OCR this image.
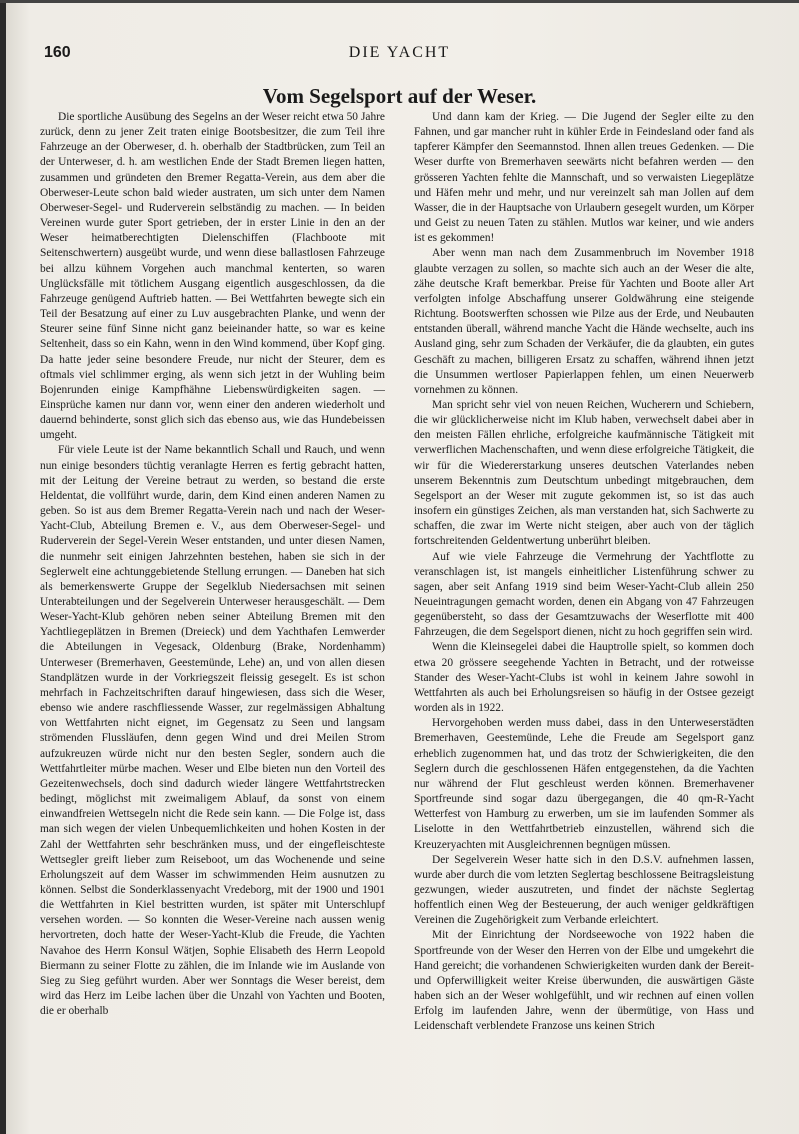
160	DIE YACHT
Vom Segelsport auf der Weser.

Die sportliche Ausübung des Segelns an der Weser reicht etwa 50 Jahre zurück, denn zu jener Zeit traten einige Bootsbesitzer, die zum Teil ihre Fahrzeuge an der Oberweser, d. h. oberhalb der Stadtbrücken, zum Teil an der Unterweser, d. h. am westlichen Ende der Stadt Bremen liegen hatten, zusammen und gründeten den Bremer Regatta-Verein, aus dem aber die Oberweser-Leute schon bald wieder austraten, um sich unter dem Namen Oberweser-Segel- und Ruderverein selbständig zu machen. — In beiden Vereinen wurde guter Sport getrieben, der in erster Linie in den an der Weser heimatberechtigten Dielenschiffen (Flachboote mit Seitenschwertern) ausgeübt wurde, und wenn diese ballastlosen Fahrzeuge bei allzu kühnem Vorgehen auch manchmal kenterten, so waren Unglücksfälle mit tötlichem Ausgang eigentlich ausgeschlossen, da die Fahrzeuge genügend Auftrieb hatten. — Bei Wettfahrten bewegte sich ein Teil der Besatzung auf einer zu Luv ausgebrachten Planke, und wenn der Steurer seine fünf Sinne nicht ganz beieinander hatte, so war es keine Seltenheit, dass so ein Kahn, wenn in den Wind kommend, über Kopf ging. Da hatte jeder seine besondere Freude, nur nicht der Steurer, dem es oftmals viel schlimmer erging, als wenn sich jetzt in der Wuhling beim Bojenrunden einige Kampfhähne Liebenswürdigkeiten sagen. — Einsprüche kamen nur dann vor, wenn einer den anderen wiederholt und dauernd behinderte, sonst glich sich das ebenso aus, wie das Hundebeissen umgeht.

Für viele Leute ist der Name bekanntlich Schall und Rauch, und wenn nun einige besonders tüchtig veranlagte Herren es fertig gebracht hatten, mit der Leitung der Vereine betraut zu werden, so bestand die erste Heldentat, die vollführt wurde, darin, dem Kind einen anderen Namen zu geben. So ist aus dem Bremer Regatta-Verein nach und nach der Weser-Yacht-Club, Abteilung Bremen e. V., aus dem Oberweser-Segel- und Ruderverein der Segel-Verein Weser entstanden, und unter diesen Namen, die nunmehr seit einigen Jahrzehnten bestehen, haben sie sich in der Seglerwelt eine achtunggebietende Stellung errungen. — Daneben hat sich als bemerkenswerte Gruppe der Segelklub Niedersachsen mit seinen Unterabteilungen und der Segelverein Unterweser herausgeschält. — Dem Weser-Yacht-Klub gehören neben seiner Abteilung Bremen mit den Yachtliegeplätzen in Bremen (Dreieck) und dem Yachthafen Lemwerder die Abteilungen in Vegesack, Oldenburg (Brake, Nordenhamm) Unterweser (Bremerhaven, Geestemünde, Lehe) an, und von allen diesen Standplätzen wurde in der Vorkriegszeit fleissig gesegelt. Es ist schon mehrfach in Fachzeitschriften darauf hingewiesen, dass sich die Weser, ebenso wie andere raschfliessende Wasser, zur regelmässigen Abhaltung von Wettfahrten nicht eignet, im Gegensatz zu Seen und langsam strömenden Flussläufen, denn gegen Wind und drei Meilen Strom aufzukreuzen würde nicht nur den besten Segler, sondern auch die Wettfahrtleiter mürbe machen. Weser und Elbe bieten nun den Vorteil des Gezeitenwechsels, doch sind dadurch wieder längere Wettfahrtstrecken bedingt, möglichst mit zweimaligem Ablauf, da sonst von einem einwandfreien Wettsegeln nicht die Rede sein kann. — Die Folge ist, dass man sich wegen der vielen Unbequemlichkeiten und hohen Kosten in der Zahl der Wettfahrten sehr beschränken muss, und der eingefleischteste Wettsegler greift lieber zum Reiseboot, um das Wochenende und seine Erholungszeit auf dem Wasser im schwimmenden Heim ausnutzen zu können. Selbst die Sonderklassenyacht Vredeborg, mit der 1900 und 1901 die Wettfahrten in Kiel bestritten wurden, ist später mit Unterschlupf versehen worden. — So konnten die Weser-Vereine nach aussen wenig hervortreten, doch hatte der Weser-Yacht-Klub die Freude, die Yachten Navahoe des Herrn Konsul Wätjen, Sophie Elisabeth des Herrn Leopold Biermann zu seiner Flotte zu zählen, die im Inlande wie im Auslande von Sieg zu Sieg geführt wurden. Aber wer Sonntags die Weser bereist, dem wird das Herz im Leibe lachen über die Unzahl von Yachten und Booten, die er oberhalb

Und dann kam der Krieg. — Die Jugend der Segler eilte zu den Fahnen, und gar mancher ruht in kühler Erde in Feindesland oder fand als tapferer Kämpfer den Seemannstod. Ihnen allen treues Gedenken. — Die Weser durfte von Bremerhaven seewärts nicht befahren werden — den grösseren Yachten fehlte die Mannschaft, und so verwaisten Liegeplätze und Häfen mehr und mehr, und nur vereinzelt sah man Jollen auf dem Wasser, die in der Hauptsache von Urlaubern gesegelt wurden, um Körper und Geist zu neuen Taten zu stählen. Mutlos war keiner, und wie anders ist es gekommen!

Aber wenn man nach dem Zusammenbruch im November 1918 glaubte verzagen zu sollen, so machte sich auch an der Weser die alte, zähe deutsche Kraft bemerkbar. Preise für Yachten und Boote aller Art verfolgten infolge Abschaffung unserer Goldwährung eine steigende Richtung. Bootswerften schossen wie Pilze aus der Erde, und Neubauten entstanden überall, während manche Yacht die Hände wechselte, auch ins Ausland ging, sehr zum Schaden der Verkäufer, die da glaubten, ein gutes Geschäft zu machen, billigeren Ersatz zu schaffen, während ihnen jetzt die Unsummen wertloser Papierlappen fehlen, um einen Neuerwerb vornehmen zu können.

Man spricht sehr viel von neuen Reichen, Wucherern und Schiebern, die wir glücklicherweise nicht im Klub haben, verwechselt dabei aber in den meisten Fällen ehrliche, erfolgreiche kaufmännische Tätigkeit mit verwerflichen Machenschaften, und wenn diese erfolgreiche Tätigkeit, die wir für die Wiedererstarkung unseres deutschen Vaterlandes neben unserem Bekenntnis zum Deutschtum unbedingt mitgebrauchen, dem Segelsport an der Weser mit zugute gekommen ist, so ist das auch insofern ein günstiges Zeichen, als man verstanden hat, sich Sachwerte zu schaffen, die zwar im Werte nicht steigen, aber auch von der täglich fortschreitenden Geldentwertung unberührt bleiben.

Auf wie viele Fahrzeuge die Vermehrung der Yachtflotte zu veranschlagen ist, ist mangels einheitlicher Listenführung schwer zu sagen, aber seit Anfang 1919 sind beim Weser-Yacht-Club allein 250 Neueintragungen gemacht worden, denen ein Abgang von 47 Fahrzeugen gegenübersteht, so dass der Gesamtzuwachs der Weserflotte mit 400 Fahrzeugen, die dem Segelsport dienen, nicht zu hoch gegriffen sein wird.

Wenn die Kleinsegelei dabei die Hauptrolle spielt, so kommen doch etwa 20 grössere seegehende Yachten in Betracht, und der rotweisse Stander des Weser-Yacht-Clubs ist wohl in keinem Jahre sowohl in Wettfahrten als auch bei Erholungsreisen so häufig in der Ostsee gezeigt worden als in 1922.

Hervorgehoben werden muss dabei, dass in den Unterweserstädten Bremerhaven, Geestemünde, Lehe die Freude am Segelsport ganz erheblich zugenommen hat, und das trotz der Schwierigkeiten, die den Seglern durch die geschlossenen Häfen entgegenstehen, da die Yachten nur während der Flut geschleust werden können. Bremerhavener Sportfreunde sind sogar dazu übergegangen, die 40 qm-R-Yacht Wetterfest von Hamburg zu erwerben, um sie im laufenden Sommer als Liselotte in den Wettfahrtbetrieb einzustellen, während sich die Kreuzeryachten mit Ausgleichrennen begnügen müssen.

Der Segelverein Weser hatte sich in den D.S.V. aufnehmen lassen, wurde aber durch die vom letzten Seglertag beschlossene Beitragsleistung gezwungen, wieder auszutreten, und findet der nächste Seglertag hoffentlich einen Weg der Besteuerung, der auch weniger geldkräftigen Vereinen die Zugehörigkeit zum Verbande erleichtert.

Mit der Einrichtung der Nordseewoche von 1922 haben die Sportfreunde von der Weser den Herren von der Elbe und umgekehrt die Hand gereicht; die vorhandenen Schwierigkeiten wurden dank der Bereit- und Opferwilligkeit weiter Kreise überwunden, die auswärtigen Gäste haben sich an der Weser wohlgefühlt, und wir rechnen auf einen vollen Erfolg im laufenden Jahre, wenn der übermütige, von Hass und Leidenschaft verblendete Franzose uns keinen Strich
